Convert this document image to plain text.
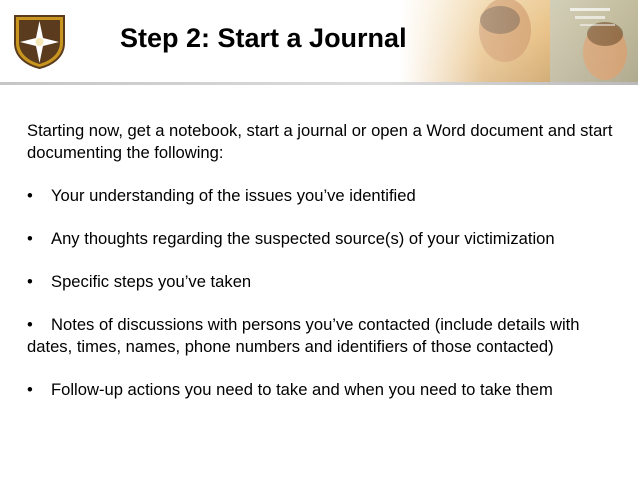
Step 2: Start a Journal

Starting now, get a notebook, start a journal or open a Word document and start documenting the following:

• Your understanding of the issues you’ve identified

• Any thoughts regarding the suspected source(s) of your victimization

• Specific steps you’ve taken

• Notes of discussions with persons you’ve contacted (include details with dates, times, names, phone numbers and identifiers of those contacted)

• Follow-up actions you need to take and when you need to take them
